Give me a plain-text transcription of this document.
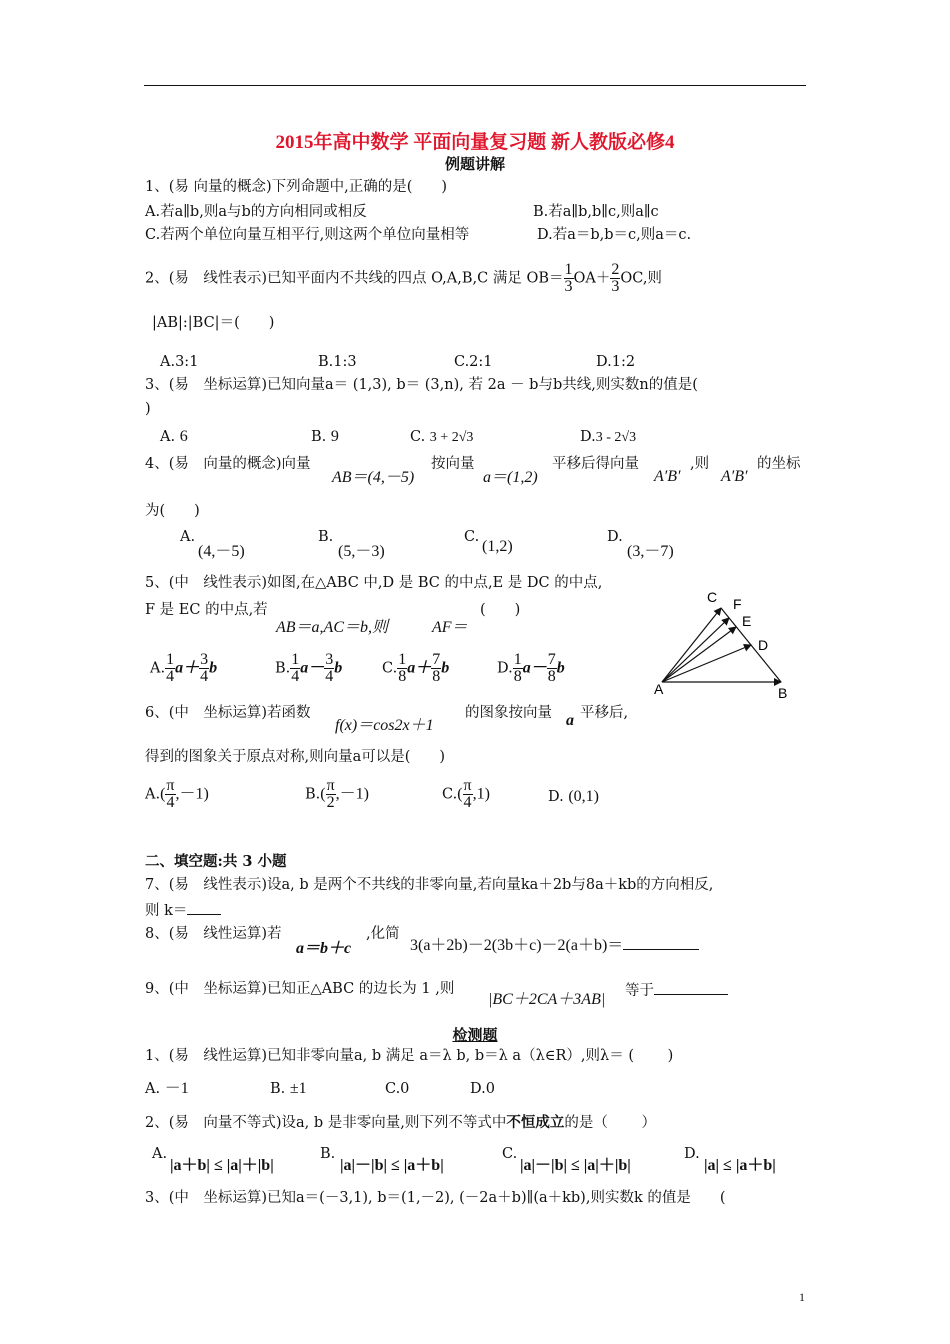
2015年高中数学 平面向量复习题 新人教版必修4
例题讲解
1、(易 向量的概念)下列命题中,正确的是(　　)
A.若a∥b,则a与b的方向相同或相反	B.若a∥b,b∥c,则a∥c
C.若两个单位向量互相平行,则这两个单位向量相等	D.若a＝b,b＝c,则a＝c.
2、(易　线性表示)已知平面内不共线的四点 O,A,B,C 满足 $OB= \frac{1}{3} OA+ \frac{2}{3}$ OC,则
|AB|:|BC|＝(　　)
A.3:1	B.1:3	C.2:1	D.1:2
3、(易　坐标运算)已知向量a＝ (1,3), b＝ (3,n), 若 2a － b与b共线,则实数n的值是(
)
A. 6	B. 9	C. 3 + 2√3	D.3 - 2√3
4、(易　向量的概念)向量
AB＝(4,－5)
按向量
a＝(1,2)
平移后得向量
A′B′
,则
A′B′
的坐标
为(　　)
A.
(4,－5)
B.
(5,－3)
C.
(1,2)
D.
(3,－7)
5、(中　线性表示)如图,在△ABC 中,D 是 BC 的中点,E 是 DC 的中点,
F 是 EC 的中点,若
AB＝a,AC＝b,则	AF＝
(　　)
A. $\frac{1}{4} a+ \frac{3}{4}$ b	B. $\frac{1}{4} a- \frac{3}{4}$ b	C. $\frac{1}{8} a+ \frac{7}{8}$ b	D. $\frac{1}{8} a- \frac{7}{8}$ b
A	B
C F
E
D
6、(中　坐标运算)若函数
f(x)＝cos2x＋1
的图象按向量 a 平移后,
得到的图象关于原点对称,则向量a可以是(　　)
$A.( \frac{\pi}{4} ,-1)$	$B.( \frac{\pi}{2} ,-1)$	$C.( \frac{\pi}{4} ,1)$	D. (0,1)
二、填空题:共 3 小题
7、(易　线性表示)设a, b 是两个不共线的非零向量,若向量ka＋2b与8a＋kb的方向相反,
则 k＝
8、(易　线性运算)若
a＝b＋c
,化简
3(a＋2b)－2(3b＋c)－2(a＋b)＝
9、(中　坐标运算)已知正△ABC 的边长为 1 ,则
|BC＋2CA＋3AB| 等于
检测题
1、(易　线性运算)已知非零向量a, b 满足 a＝λ b, b＝λ a（λ∈R）,则λ＝ (　　 )
A. －1	B. ±1	C.0	D.0
2、(易　向量不等式)设a, b 是非零向量,则下列不等式中不恒成立的是（　　 ）
A.
|a＋b| ≤ |a|＋|b|
B.
|a|－|b| ≤ |a＋b|
C.
|a|－|b| ≤ |a|＋|b|
D.
|a| ≤ |a＋b|
3、(中　坐标运算)已知a＝(－3,1), b＝(1,－2), (－2a＋b)∥(a＋kb),则实数k 的值是　　(
1
